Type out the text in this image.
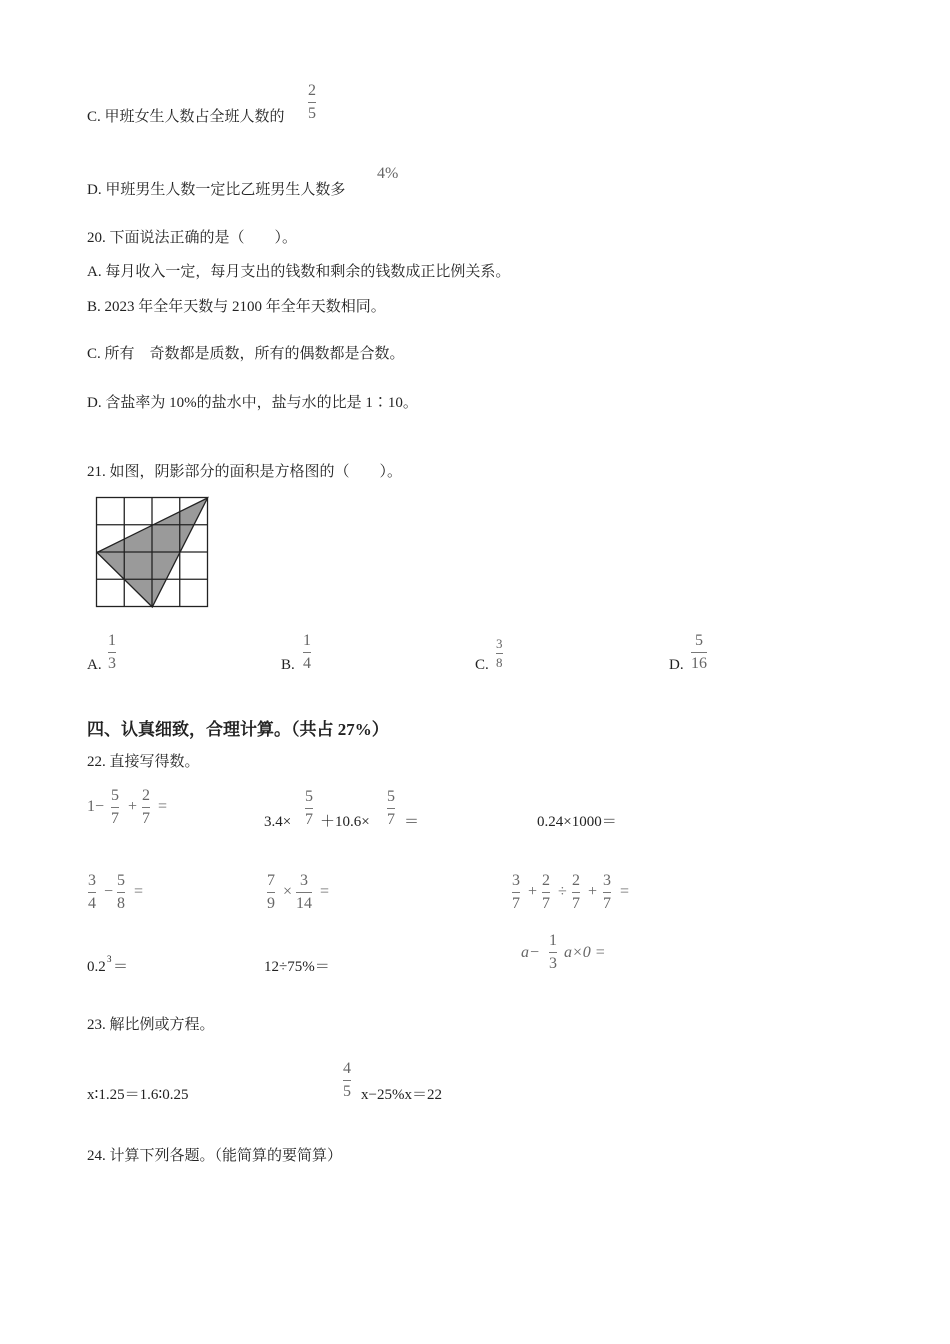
C. 甲班女生人数占全班人数的
2
5
D. 甲班男生人数一定比乙班男生人数多
4%
20. 下面说法正确的是（　　）。
A. 每月收入一定，每月支出的钱数和剩余的钱数成正比例关系。
B. 2023 年全年天数与 2100 年全年天数相同。
C. 所有　奇数都是质数，所有的偶数都是合数。
D. 含盐率为 10%的盐水中，盐与水的比是 1∶10。
21. 如图，阴影部分的面积是方格图的（　　）。
A.
1
3	B.
1
4	C.
3
8	D.
5
16
四、认真细致，合理计算。（共占 27%）
22. 直接写得数。
1−
5
7
+
2
7
=
3.4×
5
7 ＋10.6×
5
7 ＝	0.24×1000＝
3
4
−
5
8
=
7
9
×
3
14
=
3
7
+
2
7
÷
2
7
+
3
7
=
0.2 3 ＝	12÷75%＝
a−
1
3
a×0 =
23. 解比例或方程。
x∶1.25＝1.6∶0.25
4
5 x−25%x＝22
24. 计算下列各题。（能简算的要简算）
